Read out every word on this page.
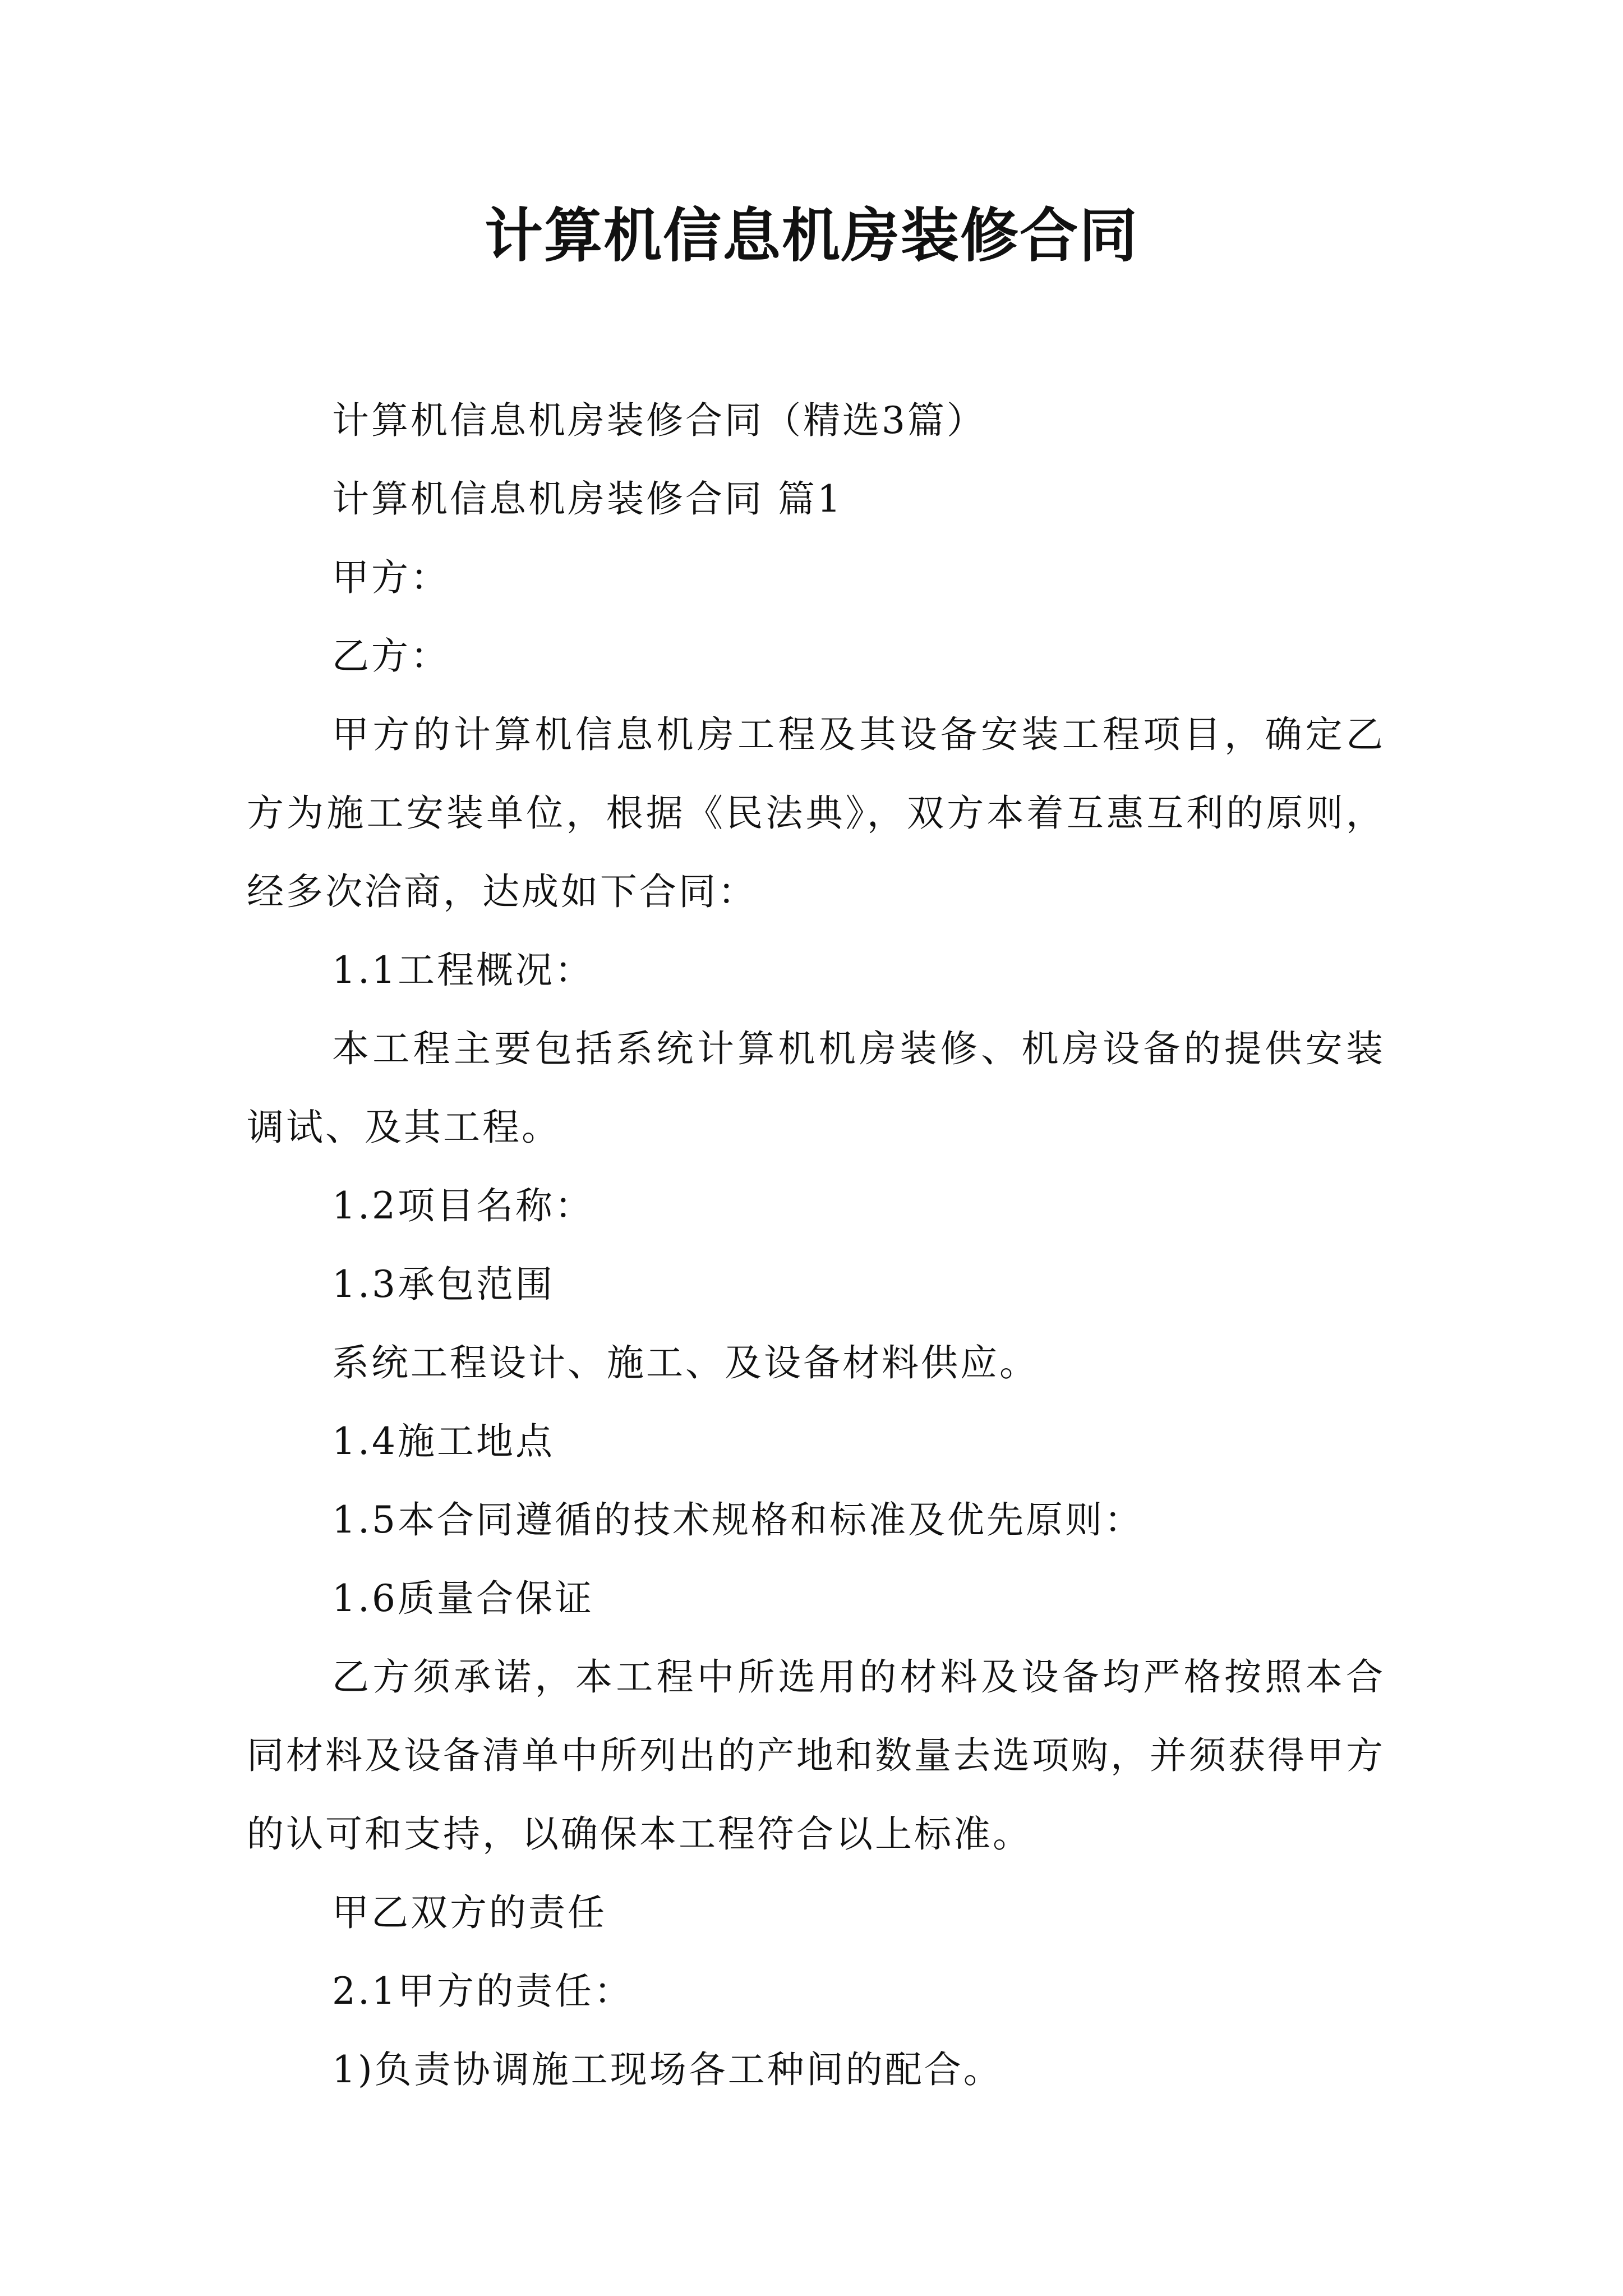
计算机信息机房装修合同

计算机信息机房装修合同（精选3篇）

计算机信息机房装修合同 篇1

甲方：

乙方：

甲方的计算机信息机房工程及其设备安装工程项目，确定乙方为施工安装单位，根据《民法典》，双方本着互惠互利的原则，经多次洽商，达成如下合同：

1.1工程概况：

本工程主要包括系统计算机机房装修、机房设备的提供安装调试、及其工程。

1.2项目名称：

1.3承包范围

系统工程设计、施工、及设备材料供应。

1.4施工地点

1.5本合同遵循的技术规格和标准及优先原则：

1.6质量合保证

乙方须承诺，本工程中所选用的材料及设备均严格按照本合同材料及设备清单中所列出的产地和数量去选项购，并须获得甲方的认可和支持，以确保本工程符合以上标准。

甲乙双方的责任

2.1甲方的责任：

1)负责协调施工现场各工种间的配合。
